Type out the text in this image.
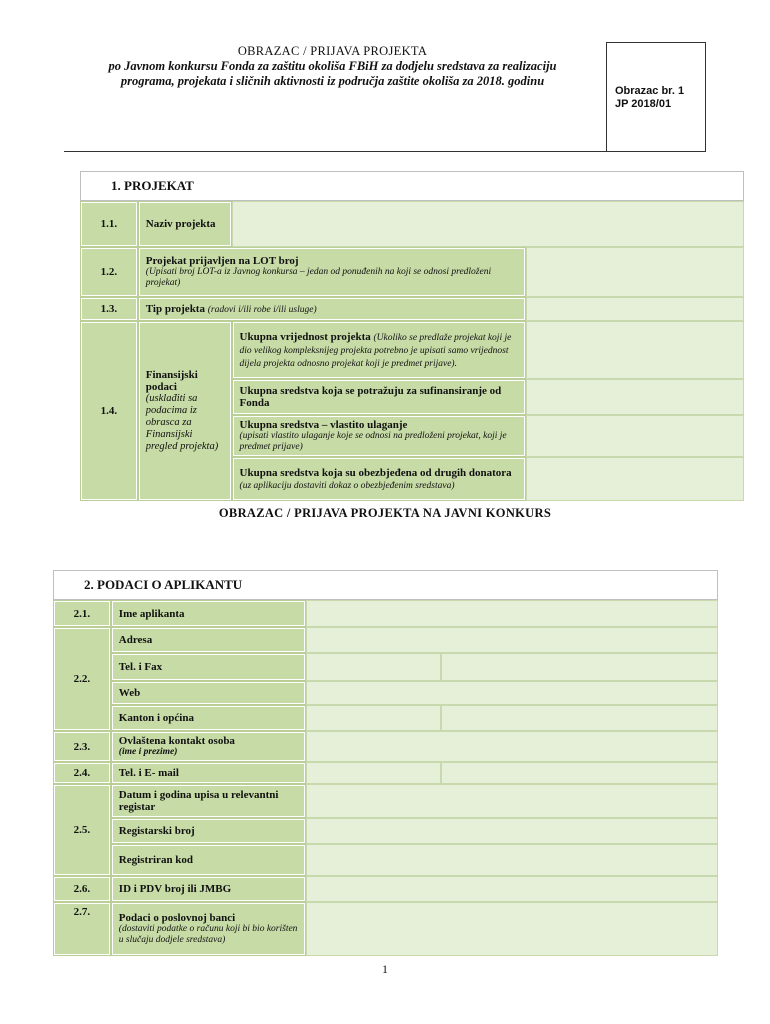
OBRAZAC / PRIJAVA PROJEKTA
po Javnom konkursu Fonda za zaštitu okoliša FBiH za dodjelu sredstava za realizaciju
programa, projekata i sličnih aktivnosti iz područja zaštite okoliša za 2018. godinu
Obrazac br. 1
JP 2018/01
1. PROJEKAT			
1.1.	Naziv projekta		
1.2.	Projekat prijavljen na LOT broj
(Upisati broj LOT-a iz Javnog konkursa – jedan od ponuđenih na koji se odnosi predloženi projekat)		

1.3.	Tip projekta (radovi i/ili robe i/ili usluge)		
1.4.	Finansijski podaci
(usklađiti sa podacima iz obrasca za Finansijski pregled projekta)	Ukupna vrijednost projekta (Ukoliko se predlaže projekat koji je dio velikog kompleksnijeg projekta potrebno je upisati samo vrijednost dijela projekta odnosno projekat koji je predmet prijave).	
		Ukupna sredstva koja se potražuju za sufinansiranje od Fonda	

		Ukupna sredstva – vlastito ulaganje
(upisati vlastito ulaganje koje se odnosi na predloženi projekat, koji je predmet prijave)	

		Ukupna sredstva koja su obezbjeđena od drugih donatora (uz aplikaciju dostaviti dokaz o obezbjeđenim sredstava)	
OBRAZAC / PRIJAVA PROJEKTA NA JAVNI KONKURS
2. PODACI O APLIKANTU			
2.1.	Ime aplikanta		
2.2.	Adresa		
	Tel. i Fax		
	Web		
	Kanton i općina		
2.3.	Ovlaštena kontakt osoba
(ime i prezime)		

2.4.	Tel. i E- mail		
2.5.	Datum i godina upisa u relevantni registar		
	Registarski broj		
	Registriran kod		
2.6.	ID i PDV broj ili JMBG		
2.7.	Podaci o poslovnoj banci
(dostaviti podatke o računu koji bi bio korišten u slučaju dodjele sredstava)		

1
